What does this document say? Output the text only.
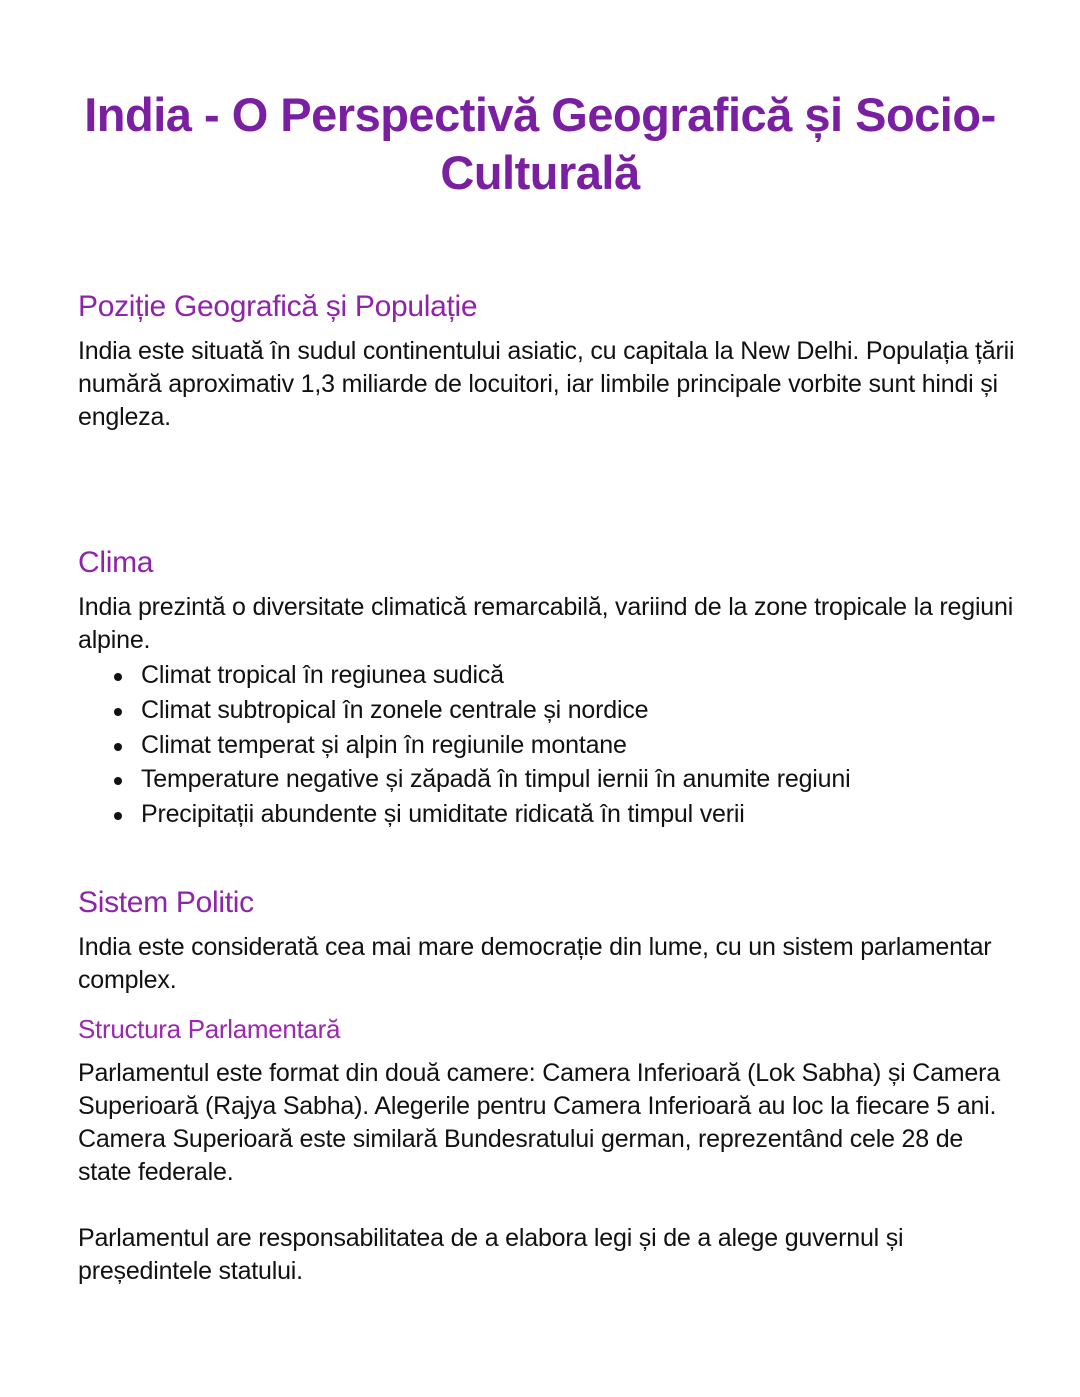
India - O Perspectivă Geografică și Socio-Culturală
Poziție Geografică și Populație

India este situată în sudul continentului asiatic, cu capitala la New Delhi. Populația țării numără aproximativ 1,3 miliarde de locuitori, iar limbile principale vorbite sunt hindi și engleza.

Clima

India prezintă o diversitate climatică remarcabilă, variind de la zone tropicale la regiuni alpine.

Climat tropical în regiunea sudică
Climat subtropical în zonele centrale și nordice
Climat temperat și alpin în regiunile montane
Temperature negative și zăpadă în timpul iernii în anumite regiuni
Precipitații abundente și umiditate ridicată în timpul verii
Sistem Politic

India este considerată cea mai mare democrație din lume, cu un sistem parlamentar complex.

Structura Parlamentară

Parlamentul este format din două camere: Camera Inferioară (Lok Sabha) și Camera Superioară (Rajya Sabha). Alegerile pentru Camera Inferioară au loc la fiecare 5 ani. Camera Superioară este similară Bundesratului german, reprezentând cele 28 de state federale.

Parlamentul are responsabilitatea de a elabora legi și de a alege guvernul și președintele statului.
